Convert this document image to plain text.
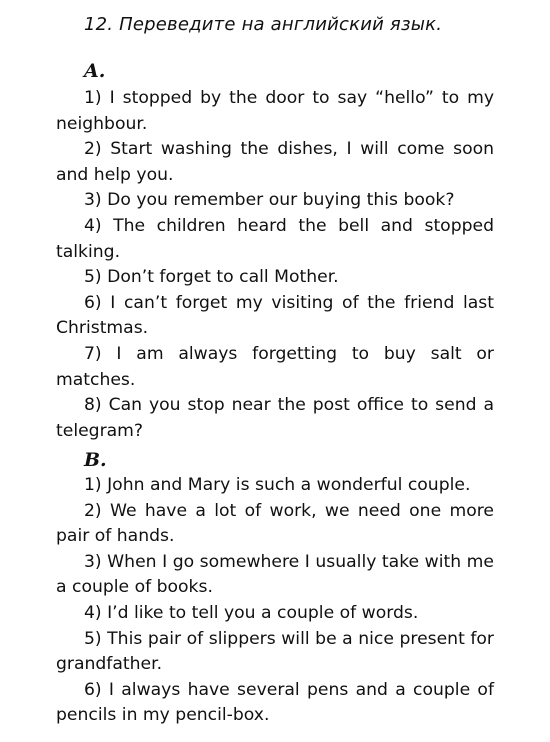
12. Переведите на английский язык.
A.

1) I stopped by the door to say “hello” to my neighbour.

2) Start washing the dishes, I will come soon and help you.

3) Do you remember our buying this book?

4) The children heard the bell and stopped talking.

5) Don’t forget to call Mother.

6) I can’t forget my visiting of the friend last Christmas.

7) I am always forgetting to buy salt or matches.

8) Can you stop near the post office to send a telegram?

B.

1) John and Mary is such a wonderful couple.

2) We have a lot of work, we need one more pair of hands.

3) When I go somewhere I usually take with me a couple of books.

4) I’d like to tell you a couple of words.

5) This pair of slippers will be a nice present for grandfather.

6) I always have several pens and a couple of pencils in my pencil-box.
